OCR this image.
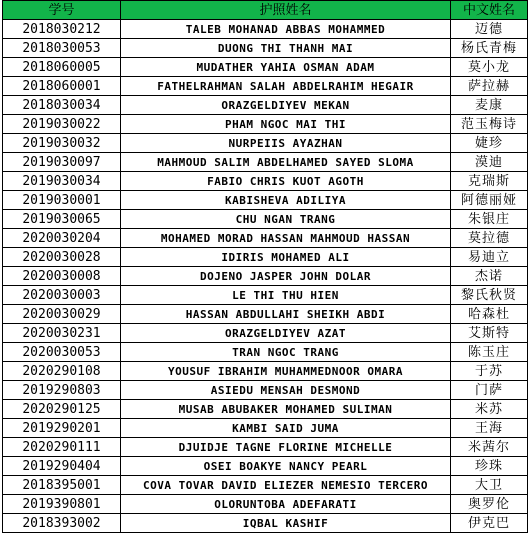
学号	护照姓名	中文姓名
2018030212	TALEB MOHANAD ABBAS MOHAMMED	迈德
2018030053	DUONG THI THANH MAI	杨氏青梅
2018060005	MUDATHER YAHIA OSMAN ADAM	莫小龙
2018060001	FATHELRAHMAN SALAH ABDELRAHIM HEGAIR	萨拉赫
2018030034	ORAZGELDIYEV MEKAN	麦康
2019030022	PHAM NGOC MAI THI	范玉梅诗
2019030032	NURPEIIS AYAZHAN	婕珍
2019030097	MAHMOUD SALIM ABDELHAMED SAYED SLOMA	漠迪
2019030034	FABIO CHRIS KUOT AGOTH	克瑞斯
2019030001	KABISHEVA ADILIYA	阿德丽娅
2019030065	CHU NGAN TRANG	朱银庄
2020030204	MOHAMED MORAD HASSAN MAHMOUD HASSAN	莫拉德
2020030028	IDIRIS MOHAMED ALI	易迪立
2020030008	DOJENO JASPER JOHN DOLAR	杰诺
2020030003	LE THI THU HIEN	黎氏秋贤
2020030029	HASSAN ABDULLAHI SHEIKH ABDI	哈森杜
2020030231	ORAZGELDIYEV AZAT	艾斯特
2020030053	TRAN NGOC TRANG	陈玉庄
2020290108	YOUSUF IBRAHIM MUHAMMEDNOOR OMARA	于苏
2019290803	ASIEDU MENSAH DESMOND	门萨
2020290125	MUSAB ABUBAKER MOHAMED SULIMAN	米苏
2019290201	KAMBI SAID JUMA	王海
2020290111	DJUIDJE TAGNE FLORINE MICHELLE	米茜尔
2019290404	OSEI BOAKYE NANCY PEARL	珍珠
2018395001	COVA TOVAR DAVID ELIEZER NEMESIO TERCERO	大卫
2019390801	OLORUNTOBA ADEFARATI	奥罗伦
2018393002	IQBAL KASHIF	伊克巴
